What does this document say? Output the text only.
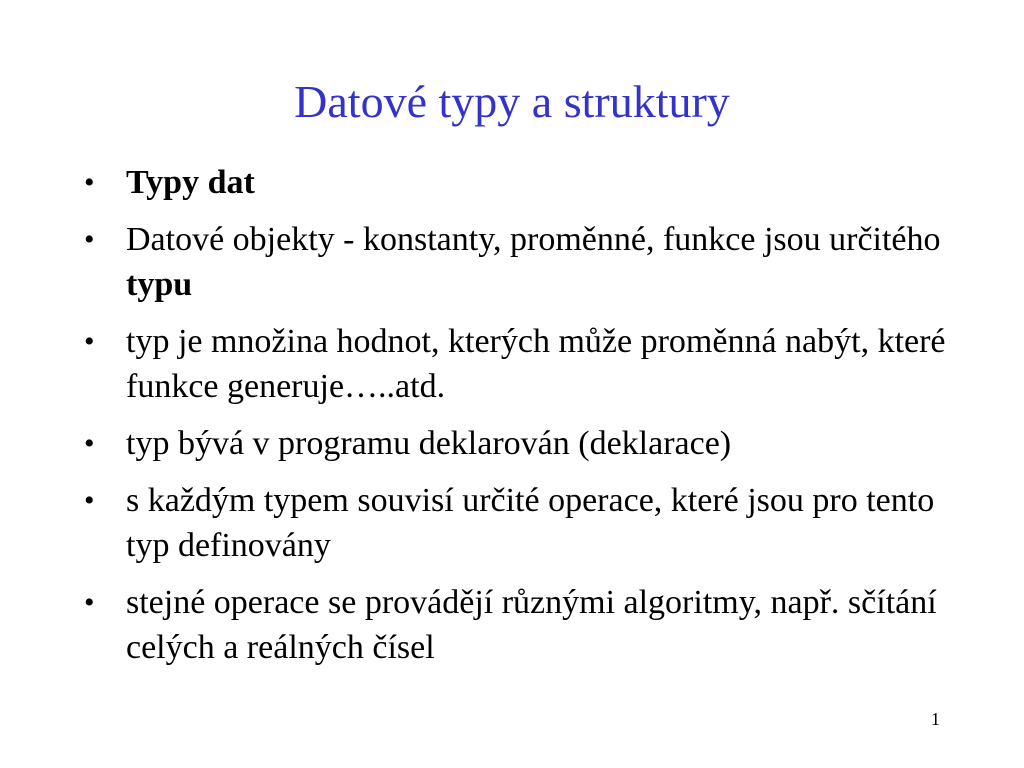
Datové typy a struktury
• Typy dat
• Datové objekty - konstanty, proměnné, funkce jsou určitého typu
• typ je množina hodnot, kterých může proměnná nabýt, které funkce generuje…..atd.
• typ bývá v programu deklarován (deklarace)
• s každým typem souvisí určité operace, které jsou pro tento typ definovány
• stejné operace se provádějí různými algoritmy, např. sčítání celých a reálných čísel
1
